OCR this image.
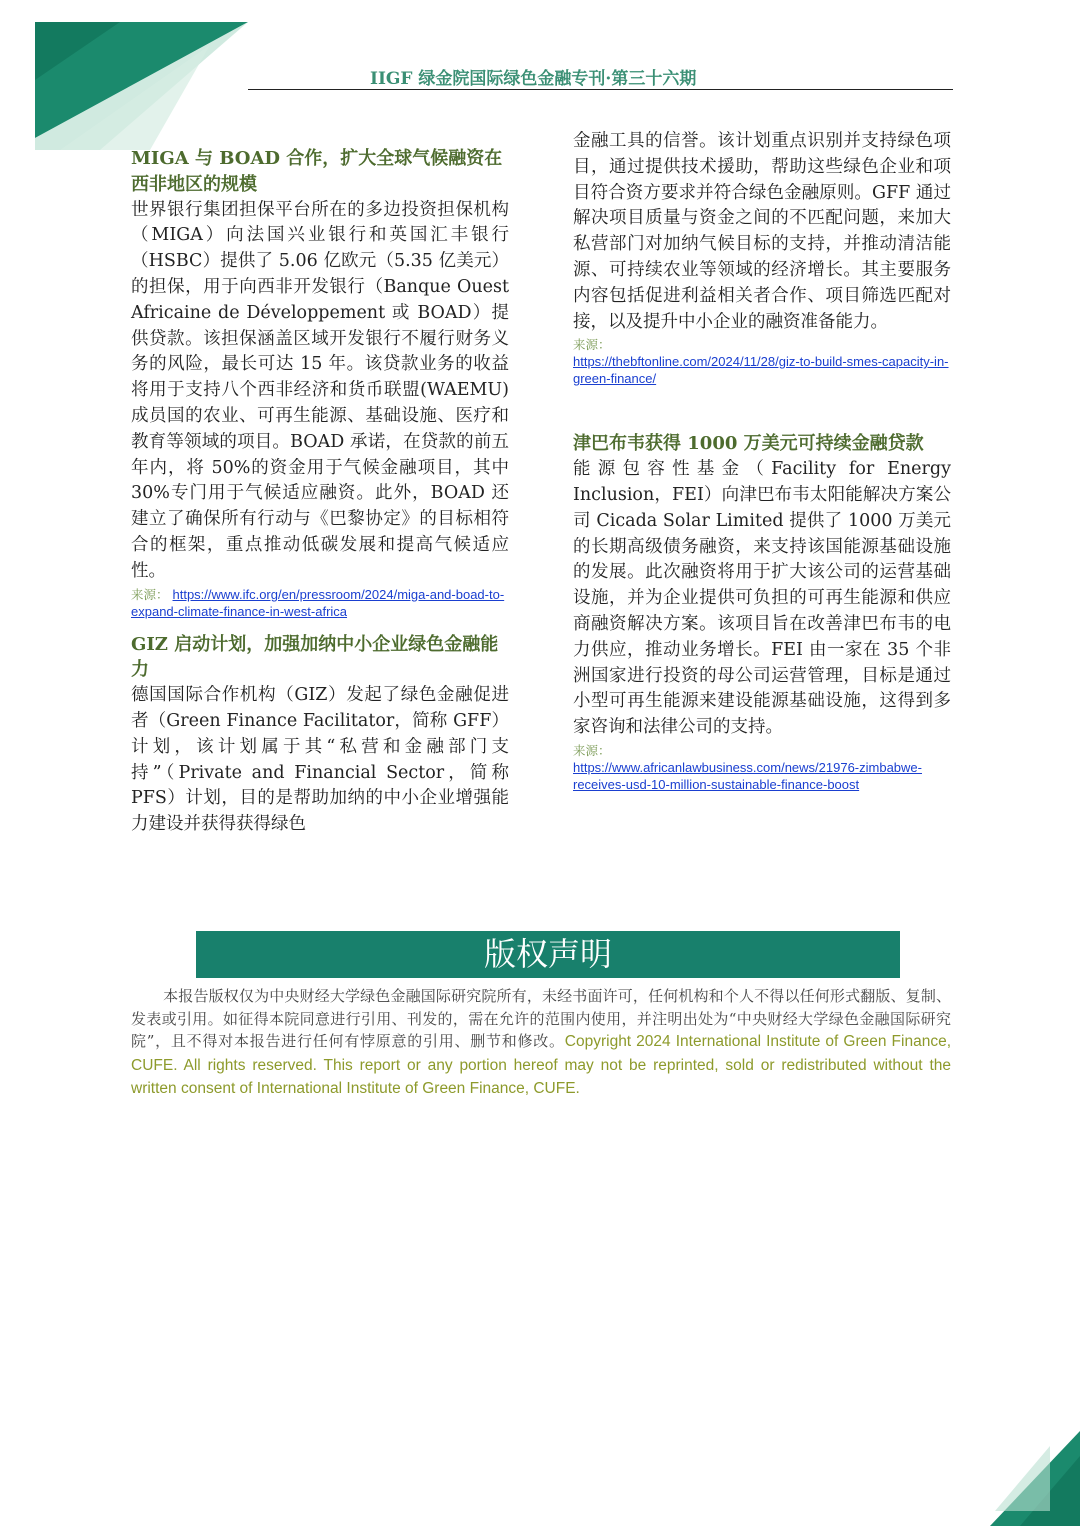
IIGF 绿金院国际绿色金融专刊·第三十六期
MIGA 与 BOAD 合作，扩大全球气候融资在西非地区的规模

世界银行集团担保平台所在的多边投资担保机构（MIGA）向法国兴业银行和英国汇丰银行（HSBC）提供了 5.06 亿欧元（5.35 亿美元）的担保，用于向西非开发银行（Banque Ouest Africaine de Développement 或 BOAD）提供贷款。该担保涵盖区域开发银行不履行财务义务的风险，最长可达 15 年。该贷款业务的收益将用于支持八个西非经济和货币联盟(WAEMU)成员国的农业、可再生能源、基础设施、医疗和教育等领域的项目。BOAD 承诺，在贷款的前五年内，将 50%的资金用于气候金融项目，其中 30%专门用于气候适应融资。此外，BOAD 还建立了确保所有行动与《巴黎协定》的目标相符合的框架，重点推动低碳发展和提高气候适应性。

来源： https://www.ifc.org/en/pressroom/2024/miga-and-boad-to-expand-climate-finance-in-west-africa
GIZ 启动计划，加强加纳中小企业绿色金融能力

德国国际合作机构（GIZ）发起了绿色金融促进者（Green Finance Facilitator，简称 GFF）计划，该计划属于其“私营和金融部门支持”（Private and Financial Sector，简称 PFS）计划，目的是帮助加纳的中小企业增强能力建设并获得获得绿色

金融工具的信誉。该计划重点识别并支持绿色项目，通过提供技术援助，帮助这些绿色企业和项目符合资方要求并符合绿色金融原则。GFF 通过解决项目质量与资金之间的不匹配问题，来加大私营部门对加纳气候目标的支持，并推动清洁能源、可持续农业等领域的经济增长。其主要服务内容包括促进利益相关者合作、项目筛选匹配对接，以及提升中小企业的融资准备能力。

来源：
https://thebftonline.com/2024/11/28/giz-to-build-smes-capacity-in-green-finance/
津巴布韦获得 1000 万美元可持续金融贷款

能源包容性基金（Facility for Energy Inclusion，FEI）向津巴布韦太阳能解决方案公司 Cicada Solar Limited 提供了 1000 万美元的长期高级债务融资，来支持该国能源基础设施的发展。此次融资将用于扩大该公司的运营基础设施，并为企业提供可负担的可再生能源和供应商融资解决方案。该项目旨在改善津巴布韦的电力供应，推动业务增长。FEI 由一家在 35 个非洲国家进行投资的母公司运营管理，目标是通过小型可再生能源来建设能源基础设施，这得到多家咨询和法律公司的支持。

来源：
https://www.africanlawbusiness.com/news/21976-zimbabwe-receives-usd-10-million-sustainable-finance-boost
版权声明
本报告版权仅为中央财经大学绿色金融国际研究院所有，未经书面许可，任何机构和个人不得以任何形式翻版、复制、发表或引用。如征得本院同意进行引用、刊发的，需在允许的范围内使用，并注明出处为“中央财经大学绿色金融国际研究院”，且不得对本报告进行任何有悖原意的引用、删节和修改。Copyright 2024 International Institute of Green Finance, CUFE. All rights reserved. This report or any portion hereof may not be reprinted, sold or redistributed without the written consent of International Institute of Green Finance, CUFE.
